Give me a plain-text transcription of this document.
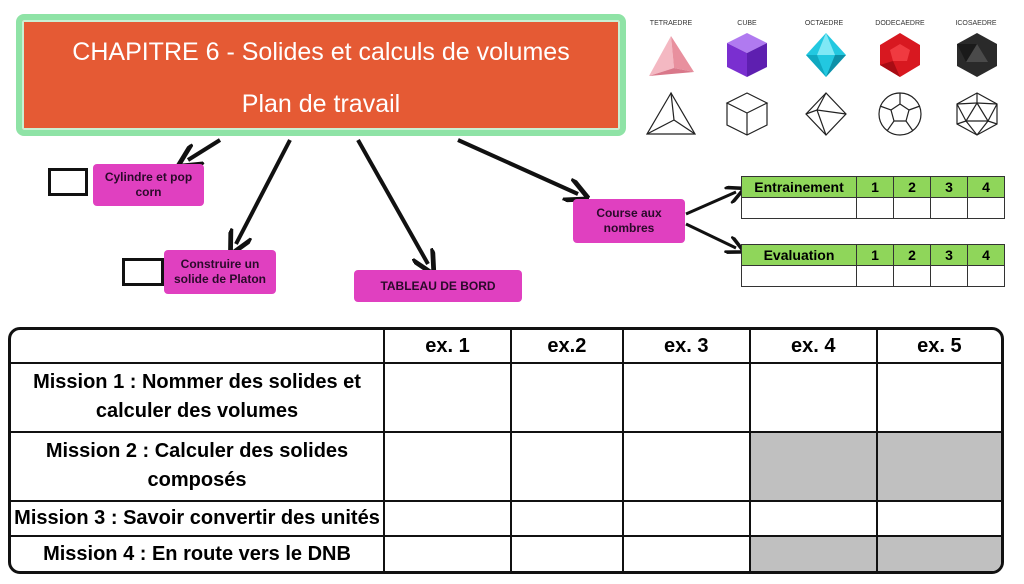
CHAPITRE 6 - Solides et calculs de volumes
Plan de travail
TETRAEDRE	CUBE	OCTAEDRE	DODECAEDRE	ICOSAEDRE
Cylindre et pop corn
Construire un solide de Platon	TABLEAU DE BORD
Course aux nombres
Entrainement	1	2	3	4

Evaluation	1	2	3	4

	ex. 1	ex.2	ex. 3	ex. 4	ex. 5
Mission 1 : Nommer des solides et calculer des volumes					
Mission 2 : Calculer des solides composés					
Mission 3 : Savoir convertir des unités					
Mission 4 : En route vers le DNB					
